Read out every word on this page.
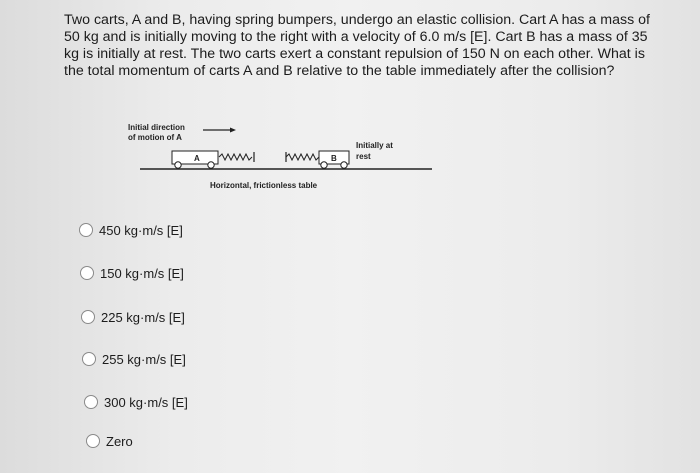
Two carts, A and B, having spring bumpers, undergo an elastic collision. Cart A has a mass of 50 kg and is initially moving to the right with a velocity of 6.0 m/s [E]. Cart B has a mass of 35 kg is initially at rest. The two carts exert a constant repulsion of 150 N on each other. What is the total momentum of carts A and B relative to the table immediately after the collision?
Initial direction
of motion of A
Initially at
rest
A	B
Horizontal, frictionless table
450 kg·m/s [E]
150 kg·m/s [E]
225 kg·m/s [E]
255 kg·m/s [E]
300 kg·m/s [E]
Zero
